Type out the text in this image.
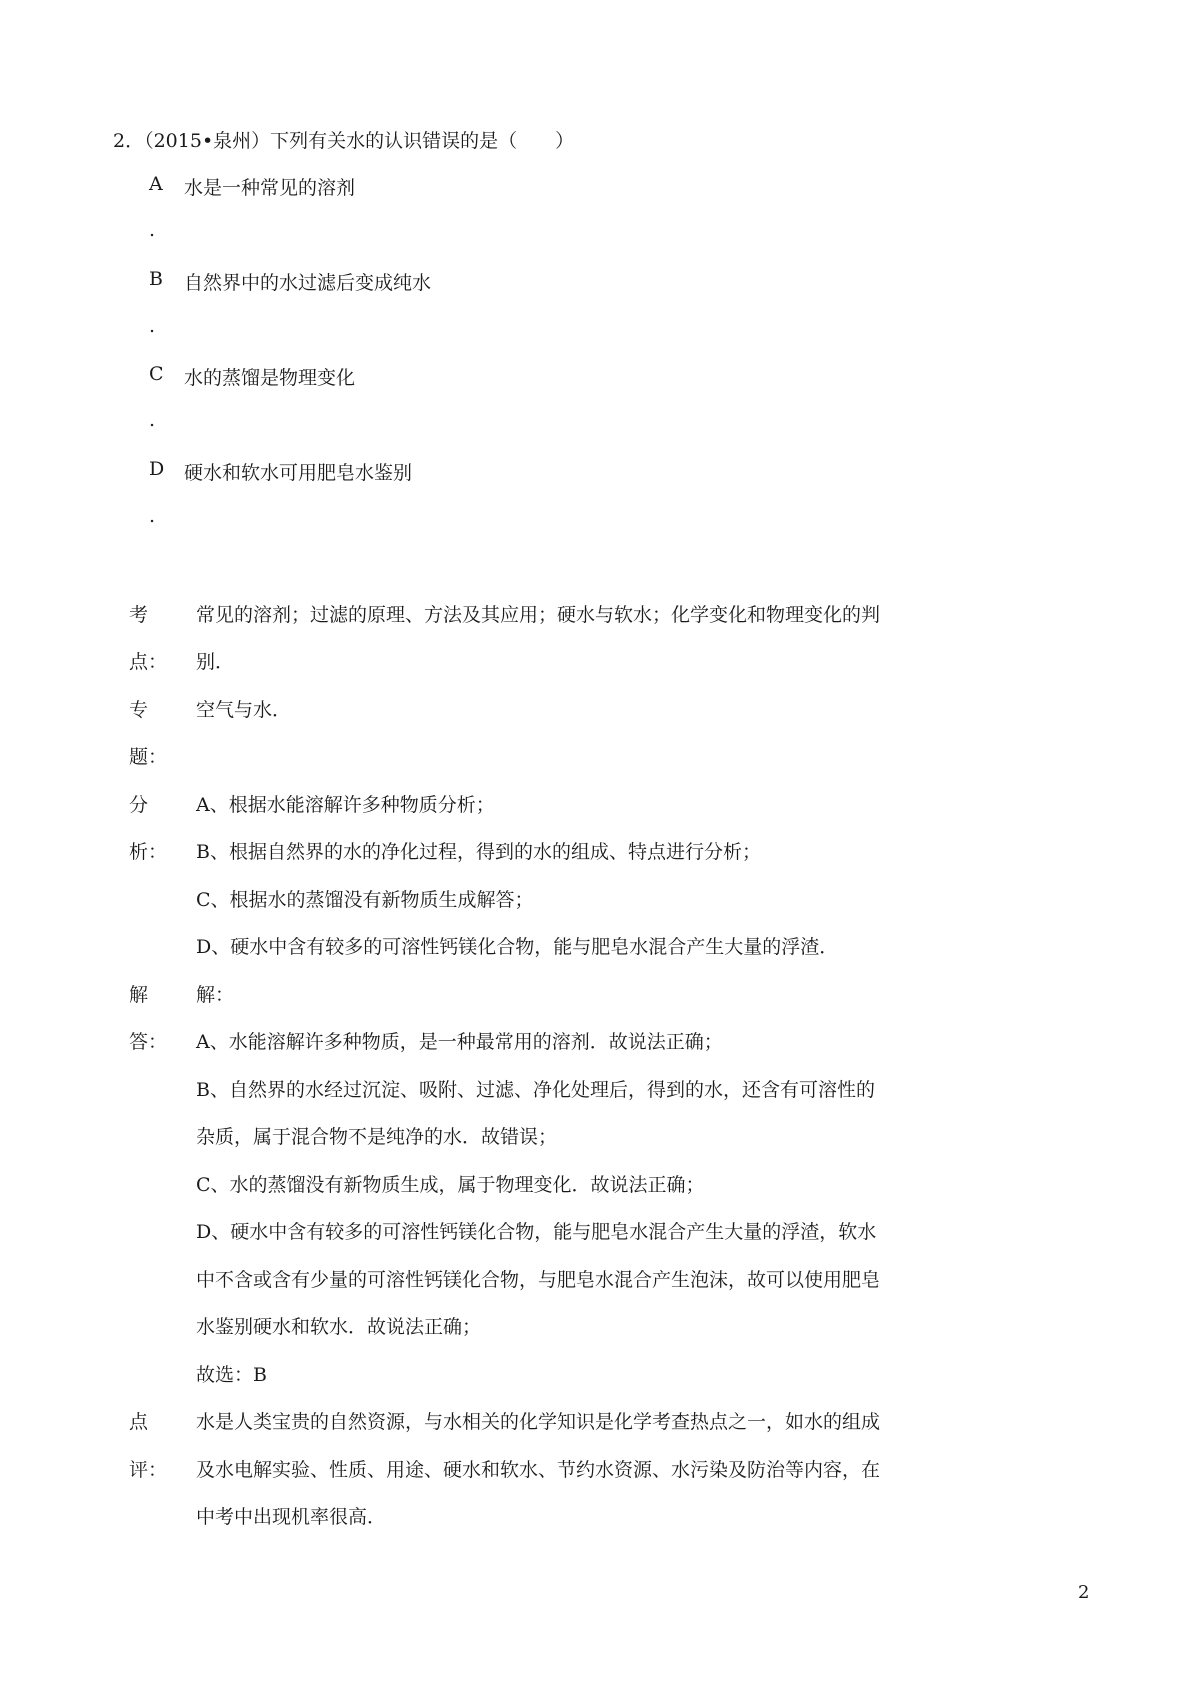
2．（2015•泉州）下列有关水的认识错误的是（　　）
A 水是一种常见的溶剂
.
B 自然界中的水过滤后变成纯水
.
C 水的蒸馏是物理变化
.
D 硬水和软水可用肥皂水鉴别
.
考
点：
常见的溶剂；过滤的原理、方法及其应用；硬水与软水；化学变化和物理变化的判
别．
专
题：
空气与水．
分
析：
A、根据水能溶解许多种物质分析；
B、根据自然界的水的净化过程，得到的水的组成、特点进行分析；
C、根据水的蒸馏没有新物质生成解答；
D、硬水中含有较多的可溶性钙镁化合物，能与肥皂水混合产生大量的浮渣．
解
答：
解：
A、水能溶解许多种物质，是一种最常用的溶剂．故说法正确；
B、自然界的水经过沉淀、吸附、过滤、净化处理后，得到的水，还含有可溶性的
杂质，属于混合物不是纯净的水．故错误；
C、水的蒸馏没有新物质生成，属于物理变化．故说法正确；
D、硬水中含有较多的可溶性钙镁化合物，能与肥皂水混合产生大量的浮渣，软水
中不含或含有少量的可溶性钙镁化合物，与肥皂水混合产生泡沫，故可以使用肥皂
水鉴别硬水和软水．故说法正确；
故选：B
点
评：
水是人类宝贵的自然资源，与水相关的化学知识是化学考查热点之一，如水的组成
及水电解实验、性质、用途、硬水和软水、节约水资源、水污染及防治等内容，在
中考中出现机率很高．
2
